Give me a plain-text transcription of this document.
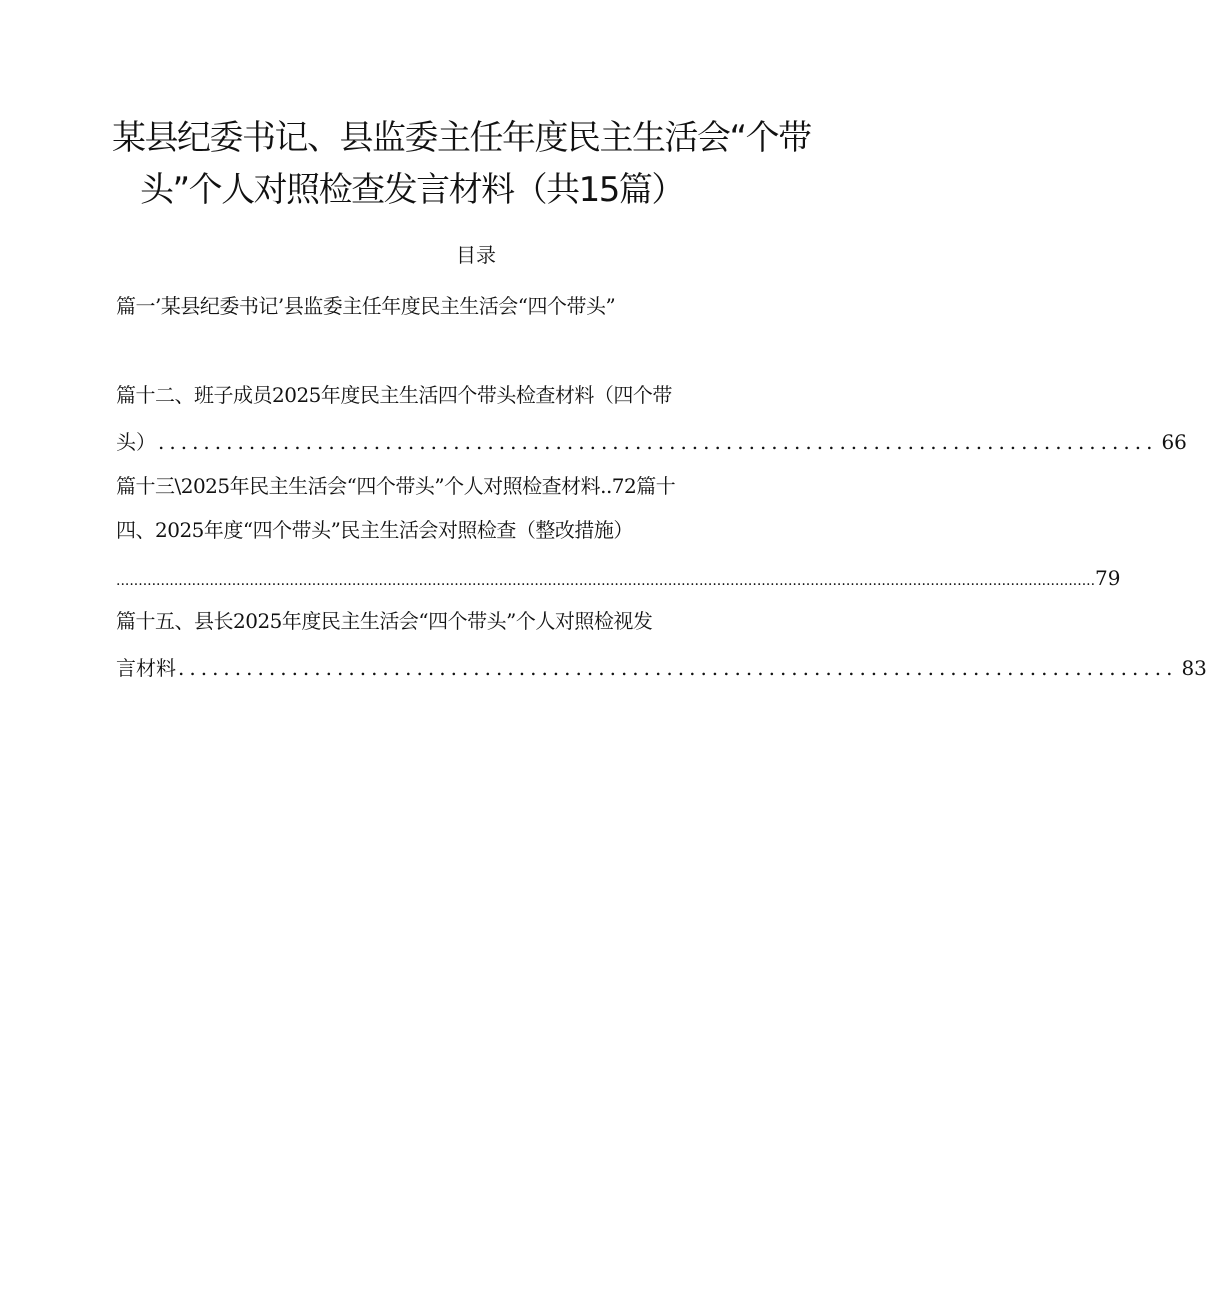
某县纪委书记、县监委主任年度民主生活会“个带
头”个人对照检查发言材料（共15篇）
目录
篇一’某县纪委书记’县监委主任年度民主生活会“四个带头”
篇十二、班子成员2025年度民主生活四个带头检查材料（四个带
头） ........................................................................................ 66
篇十三\2025年民主生活会“四个带头”个人对照检查材料..72篇十
四、2025年度“四个带头”民主生活会对照检查（整改措施）
............................................................................................................................................................................................................................ 79
篇十五、县长2025年度民主生活会“四个带头”个人对照检视发
言材料 ........................................................................................ 83
